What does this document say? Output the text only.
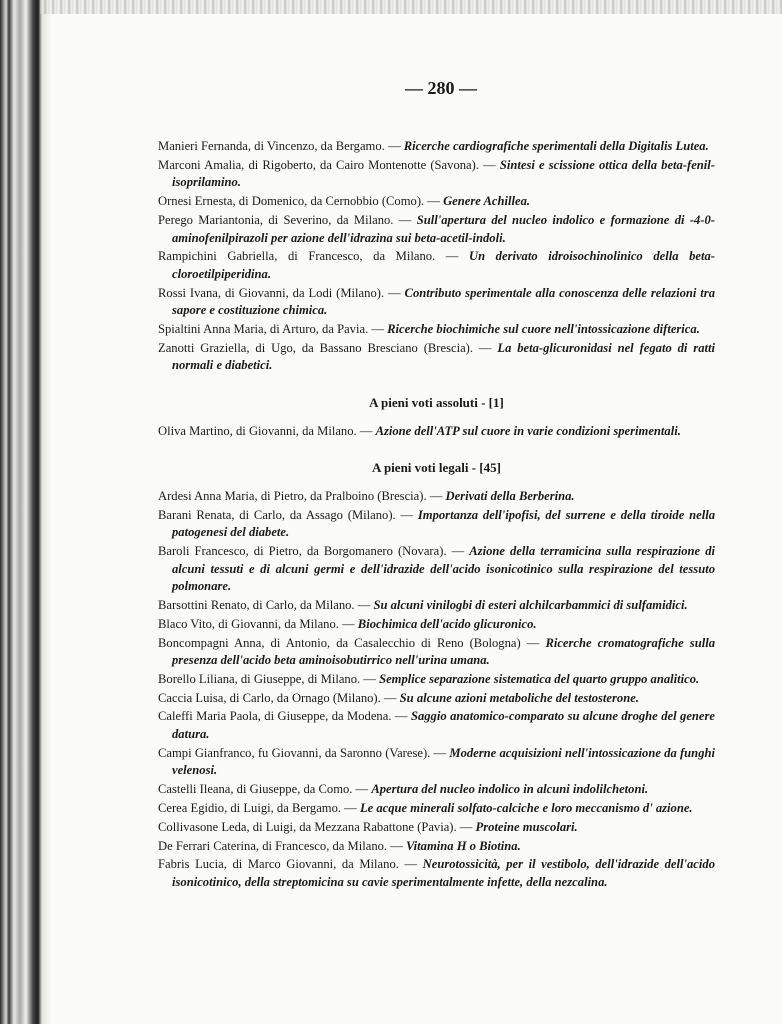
— 280 —
Manieri Fernanda, di Vincenzo, da Bergamo. — Ricerche cardiografiche sperimentali della Digitalis Lutea.
Marconi Amalia, di Rigoberto, da Cairo Montenotte (Savona). — Sintesi e scissione ottica della beta-fenil-isoprilamino.
Ornesi Ernesta, di Domenico, da Cernobbio (Como). — Genere Achillea.
Perego Mariantonia, di Severino, da Milano. — Sull'apertura del nucleo indolico e formazione di -4-0-aminofenilpirazoli per azione dell'idrazina sui beta-acetil-indoli.
Rampichini Gabriella, di Francesco, da Milano. — Un derivato idroisochinolinico della beta-cloroetilpiperidina.
Rossi Ivana, di Giovanni, da Lodi (Milano). — Contributo sperimentale alla conoscenza delle relazioni tra sapore e costituzione chimica.
Spialtini Anna Maria, di Arturo, da Pavia. — Ricerche biochimiche sul cuore nell'intossicazione difterica.
Zanotti Graziella, di Ugo, da Bassano Bresciano (Brescia). — La beta-glicuronidasi nel fegato di ratti normali e diabetici.
A pieni voti assoluti - [1]
Oliva Martino, di Giovanni, da Milano. — Azione dell'ATP sul cuore in varie condizioni sperimentali.
A pieni voti legali - [45]
Ardesi Anna Maria, di Pietro, da Pralboino (Brescia). — Derivati della Berberina.
Barani Renata, di Carlo, da Assago (Milano). — Importanza dell'ipofisi, del surrene e della tiroide nella patogenesi del diabete.
Baroli Francesco, di Pietro, da Borgomanero (Novara). — Azione della terramicina sulla respirazione di alcuni tessuti e di alcuni germi e dell'idrazide dell'acido isonicotinico sulla respirazione del tessuto polmonare.
Barsottini Renato, di Carlo, da Milano. — Su alcuni vinilogbi di esteri alchilcarbammici di sulfamidici.
Blaco Vito, di Giovanni, da Milano. — Biochimica dell'acido glicuronico.
Boncompagni Anna, di Antonio, da Casalecchio di Reno (Bologna) — Ricerche cromatografiche sulla presenza dell'acido beta aminoisobutirrico nell'urina umana.
Borello Liliana, di Giuseppe, di Milano. — Semplice separazione sistematica del quarto gruppo analitico.
Caccia Luisa, di Carlo, da Ornago (Milano). — Su alcune azioni metaboliche del testosterone.
Caleffi Maria Paola, di Giuseppe, da Modena. — Saggio anatomico-comparato su alcune droghe del genere datura.
Campi Gianfranco, fu Giovanni, da Saronno (Varese). — Moderne acquisizioni nell'intossicazione da funghi velenosi.
Castelli Ileana, di Giuseppe, da Como. — Apertura del nucleo indolico in alcuni indolilchetoni.
Cerea Egidio, di Luigi, da Bergamo. — Le acque minerali solfato-calciche e loro meccanismo d' azione.
Collivasone Leda, di Luigi, da Mezzana Rabattone (Pavia). — Proteine muscolari.
De Ferrari Caterina, di Francesco, da Milano. — Vitamina H o Biotina.
Fabris Lucia, di Marco Giovanni, da Milano. — Neurotossicità, per il vestibolo, dell'idrazide dell'acido isonicotinico, della streptomicina su cavie sperimentalmente infette, della nezcalina.
